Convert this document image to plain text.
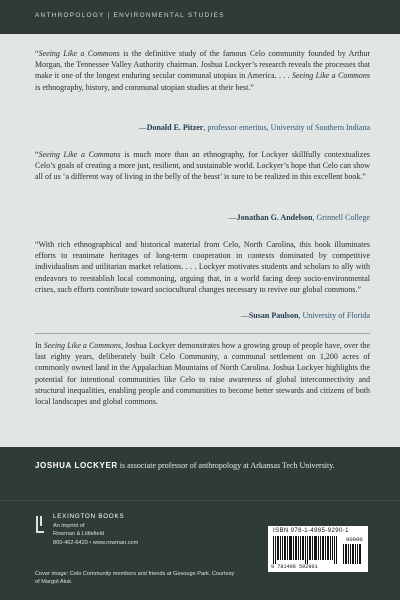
ANTHROPOLOGY | ENVIRONMENTAL STUDIES

“Seeing Like a Commons is the definitive study of the famous Celo community founded by Arthur Morgan, the Tennessee Valley Authority chairman. Joshua Lockyer’s research reveals the processes that make it one of the longest enduring secular communal utopias in America. . . . Seeing Like a Commons is ethnography, history, and communal utopian studies at their best.”

—Donald E. Pitzer, professor emeritus, University of Southern Indiana

“Seeing Like a Commons is much more than an ethnography, for Lockyer skillfully contextualizes Celo’s goals of creating a more just, resilient, and sustainable world. Lockyer’s hope that Celo can show all of us ‘a different way of living in the belly of the beast’ is sure to be realized in this excellent book.”

—Jonathan G. Andelson, Grinnell College

“With rich ethnographical and historical material from Celo, North Carolina, this book illuminates efforts to reanimate heritages of long-term cooperation in contexts dominated by competitive individualism and utilitarian market relations. . . . Lockyer motivates students and scholars to ally with endeavors to reestablish local commoning, arguing that, in a world facing deep socio-environmental crises, such efforts contribute toward sociocultural changes necessary to revive our global commons.”

—Susan Paulson, University of Florida

In Seeing Like a Commons, Joshua Lockyer demonstrates how a growing group of people have, over the last eighty years, deliberately built Celo Community, a communal settlement on 1,200 acres of commonly owned land in the Appalachian Mountains of North Carolina. Joshua Lockyer highlights the potential for intentional communities like Celo to raise awareness of global interconnectivity and structural inequalities, enabling people and communities to become better stewards and citizens of both local landscapes and global commons.

JOSHUA LOCKYER is associate professor of anthropology at Arkansas Tech University.
LEXINGTON BOOKS
An imprint of
Rowman & Littlefield
800-462-6420 • www.rowman.com
Cover image: Celo Community members and friends at Gesouge Park. Courtesy of Margot Atuk.
ISBN 978-1-4985-9290-1
90000
9 781498 592901
